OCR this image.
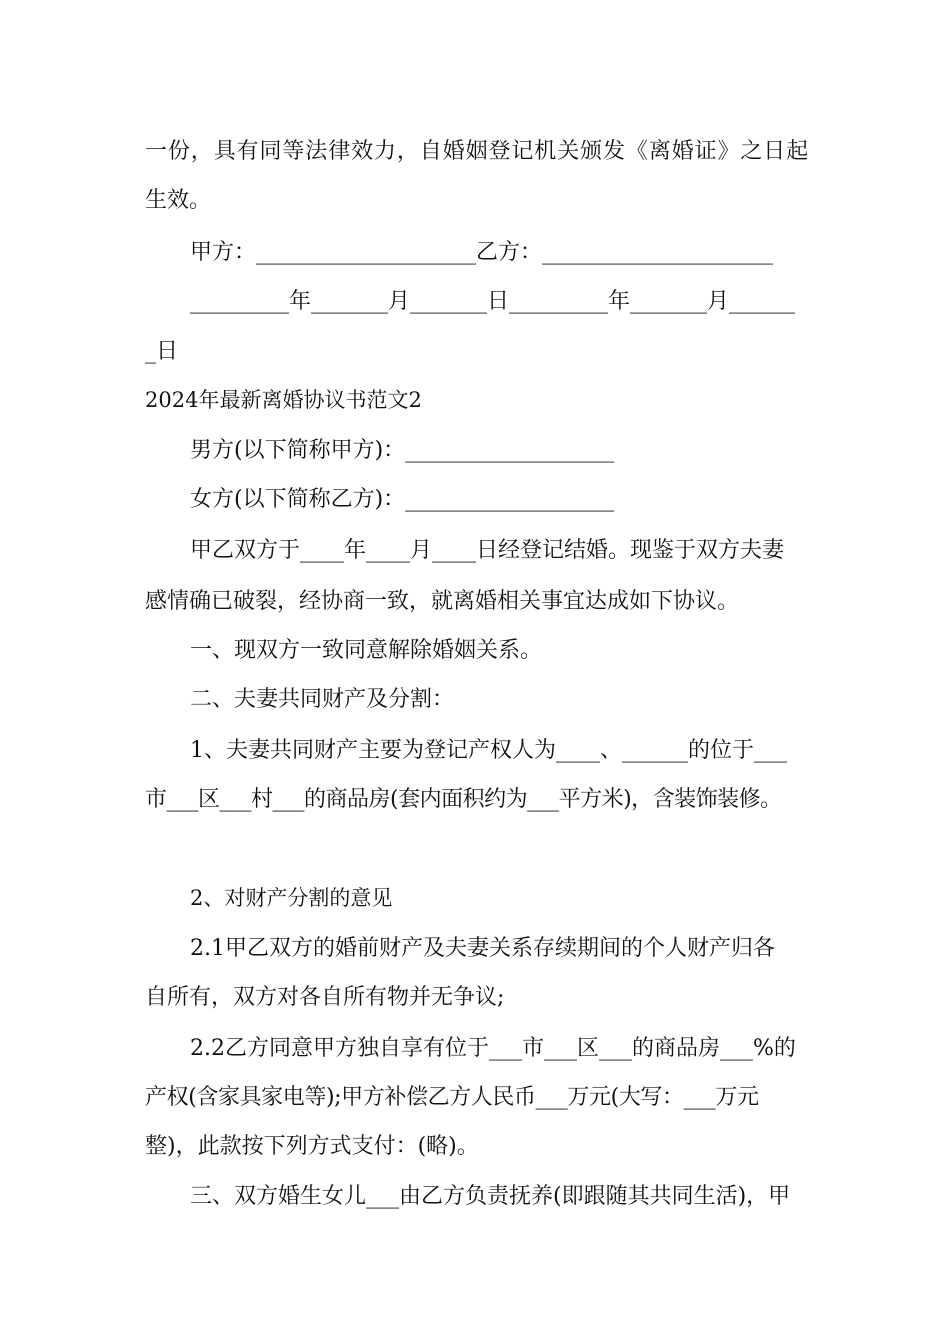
一份，具有同等法律效力，自婚姻登记机关颁发《离婚证》之日起
生效。
甲方：____________________乙方：_____________________
_________年_______月_______日_________年_______月______
_日
2024年最新离婚协议书范文2
男方(以下简称甲方)：___________________
女方(以下简称乙方)：___________________
甲乙双方于____年____月____日经登记结婚。现鉴于双方夫妻
感情确已破裂，经协商一致，就离婚相关事宜达成如下协议。
一、现双方一致同意解除婚姻关系。
二、夫妻共同财产及分割：
1、夫妻共同财产主要为登记产权人为____、______的位于___
市___区___村___的商品房(套内面积约为___平方米)，含装饰装修。
2、对财产分割的意见
2.1甲乙双方的婚前财产及夫妻关系存续期间的个人财产归各
自所有，双方对各自所有物并无争议;
2.2乙方同意甲方独自享有位于___市___区___的商品房___%的
产权(含家具家电等);甲方补偿乙方人民币___万元(大写：___万元
整)，此款按下列方式支付：(略)。
三、双方婚生女儿___由乙方负责抚养(即跟随其共同生活)，甲
